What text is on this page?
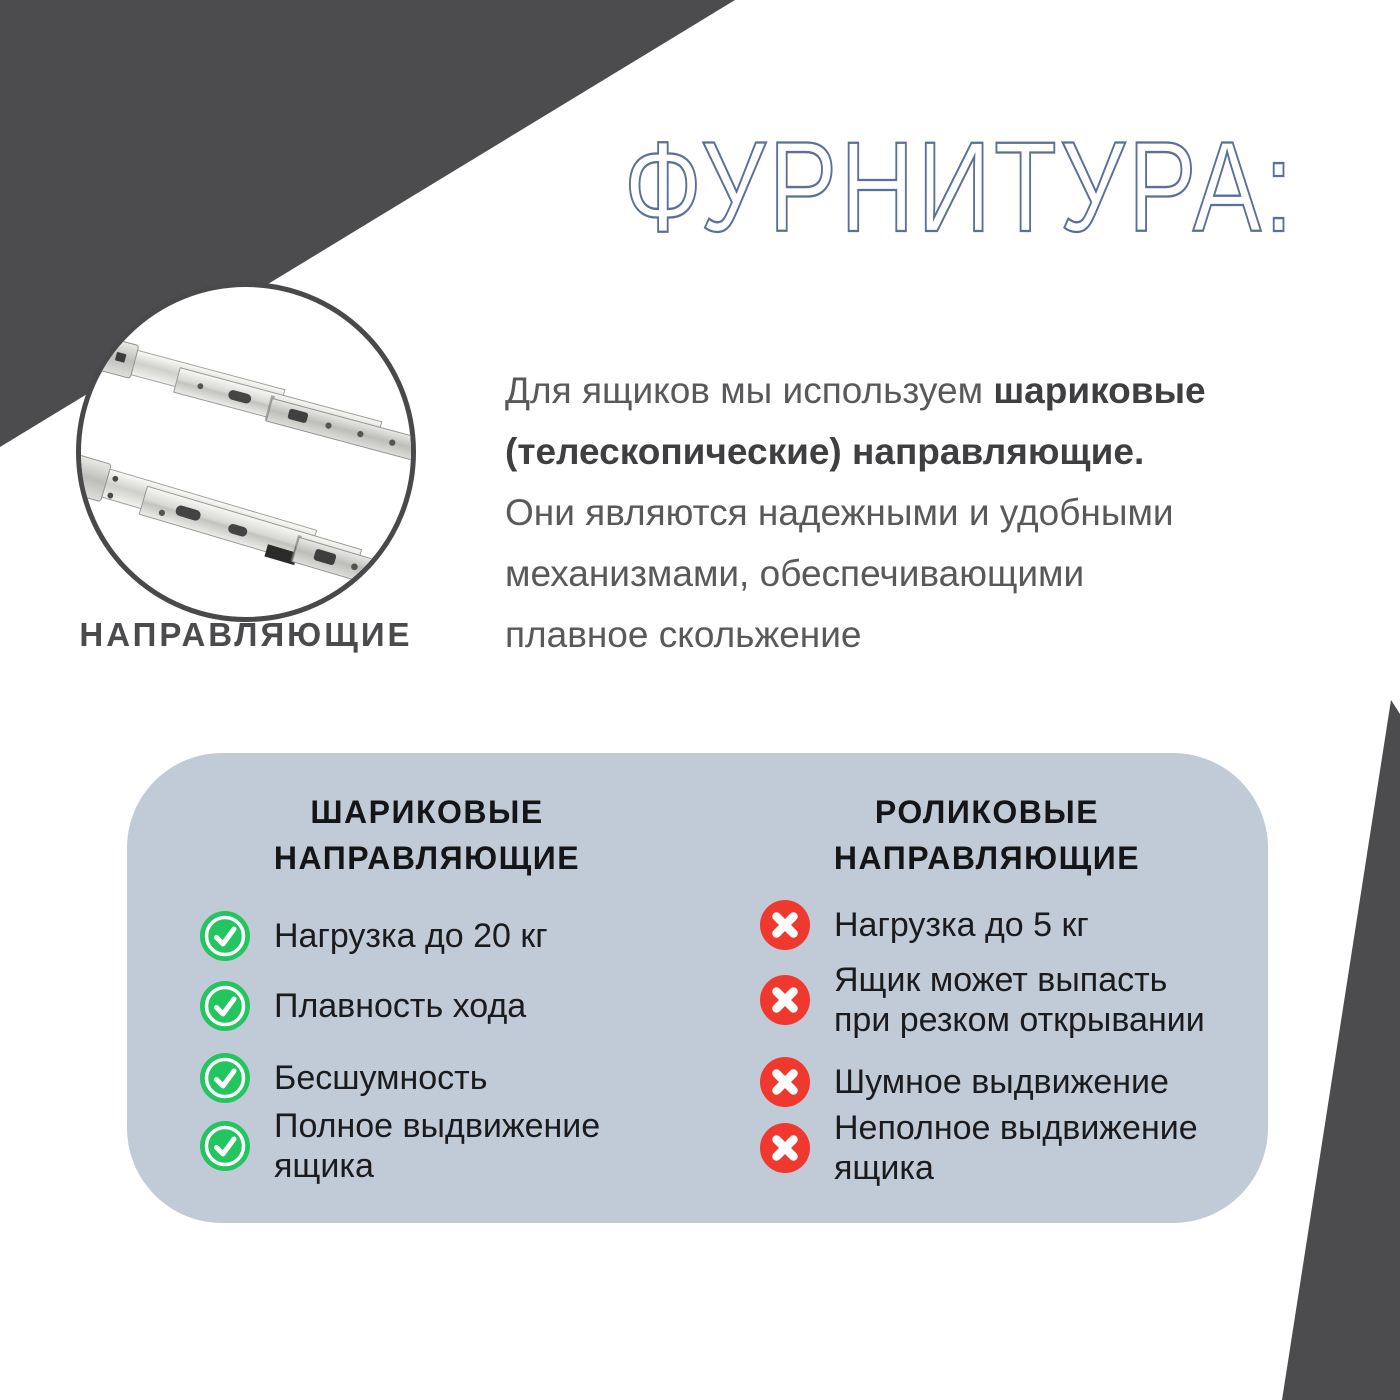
ФУРНИТУРА:
НАПРАВЛЯЮЩИЕ
Для ящиков мы используем шариковые
(телескопические) направляющие.
Они являются надежными и удобными
механизмами, обеспечивающими
плавное скольжение
ШАРИКОВЫЕ
НАПРАВЛЯЮЩИЕ
РОЛИКОВЫЕ
НАПРАВЛЯЮЩИЕ
Нагрузка до 20 кг
Плавность хода
Бесшумность
Полное выдвижение
ящика
Нагрузка до 5 кг
Ящик может выпасть
при резком открывании
Шумное выдвижение
Неполное выдвижение
ящика
